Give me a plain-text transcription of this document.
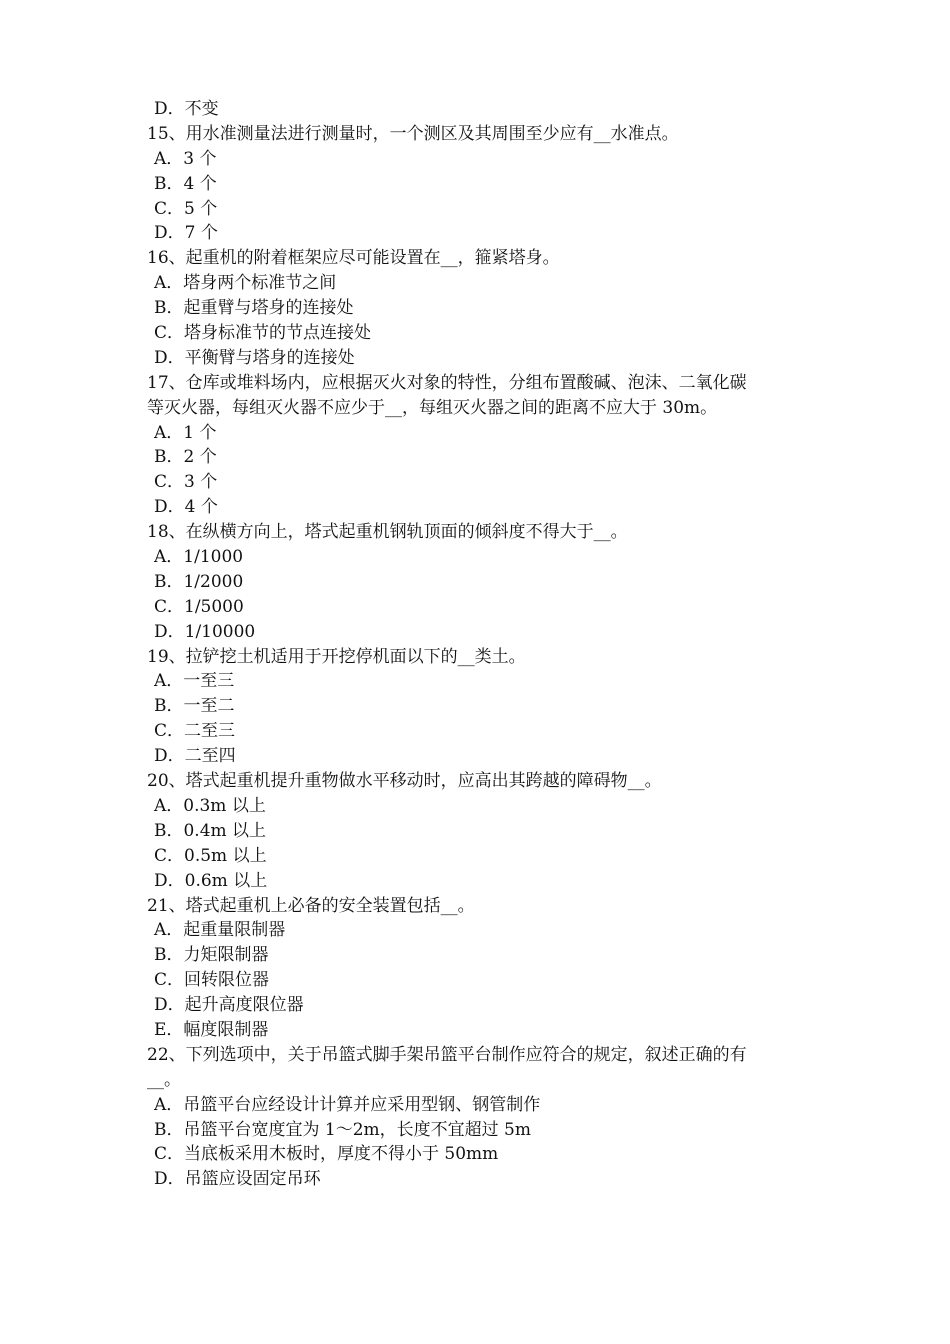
D．不变
15、用水准测量法进行测量时，一个测区及其周围至少应有__水准点。
A．3 个
B．4 个
C．5 个
D．7 个
16、起重机的附着框架应尽可能设置在__，箍紧塔身。
A．塔身两个标准节之间
B．起重臂与塔身的连接处
C．塔身标准节的节点连接处
D．平衡臂与塔身的连接处
17、仓库或堆料场内，应根据灭火对象的特性，分组布置酸碱、泡沫、二氧化碳
等灭火器，每组灭火器不应少于__，每组灭火器之间的距离不应大于 30m。
A．1 个
B．2 个
C．3 个
D．4 个
18、在纵横方向上，塔式起重机钢轨顶面的倾斜度不得大于__。
A．1/1000
B．1/2000
C．1/5000
D．1/10000
19、拉铲挖土机适用于开挖停机面以下的__类土。
A．一至三
B．一至二
C．二至三
D．二至四
20、塔式起重机提升重物做水平移动时，应高出其跨越的障碍物__。
A．0.3m 以上
B．0.4m 以上
C．0.5m 以上
D．0.6m 以上
21、塔式起重机上必备的安全装置包括__。
A．起重量限制器
B．力矩限制器
C．回转限位器
D．起升高度限位器
E．幅度限制器
22、下列选项中，关于吊篮式脚手架吊篮平台制作应符合的规定，叙述正确的有
__。
A．吊篮平台应经设计计算并应采用型钢、钢管制作
B．吊篮平台宽度宜为 1～2m，长度不宜超过 5m
C．当底板采用木板时，厚度不得小于 50mm
D．吊篮应设固定吊环
